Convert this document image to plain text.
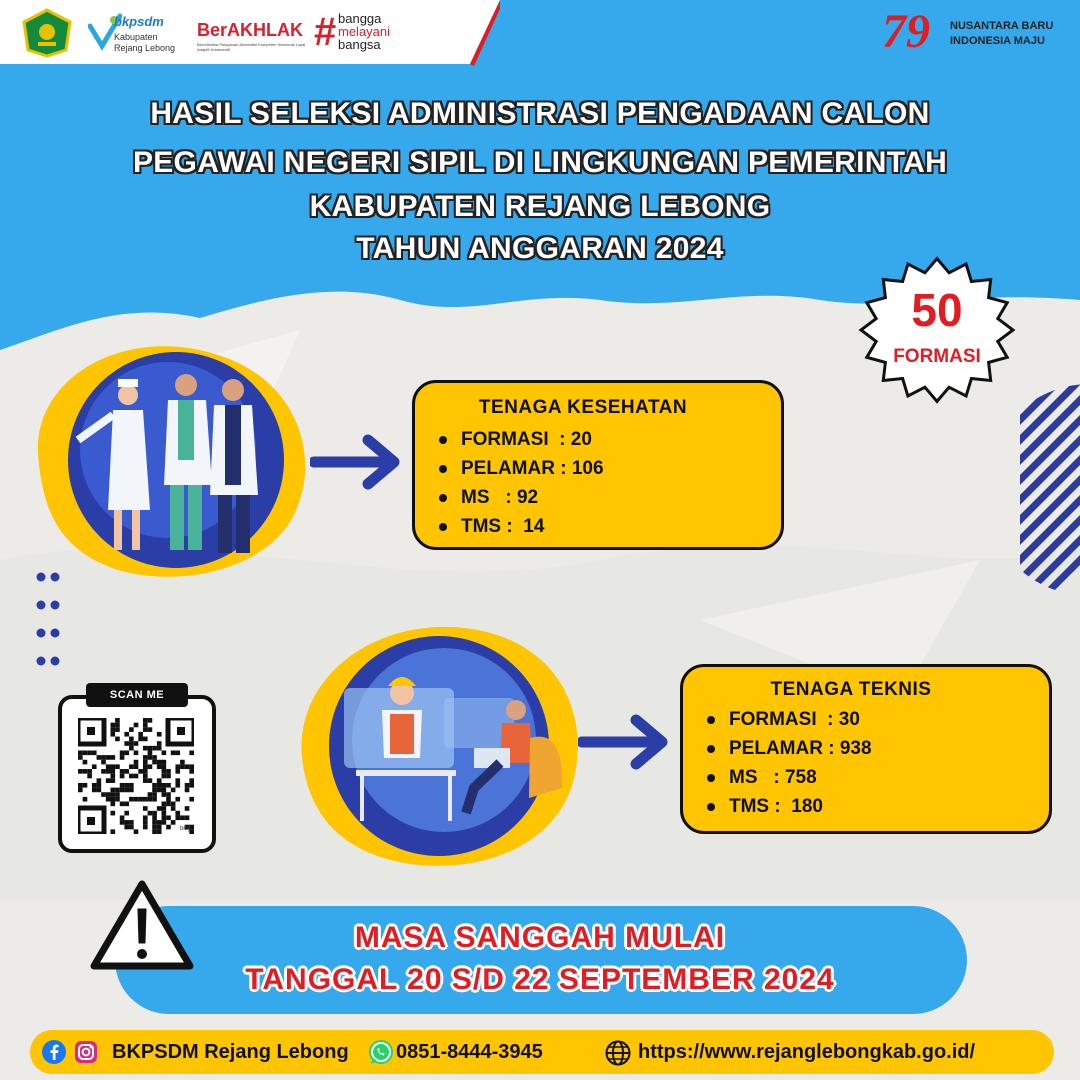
bkpsdm
Kabupaten
Rejang Lebong
BerAKHLAK
Berorientasi Pelayanan Akuntabel Kompeten Harmonis Loyal Adaptif Kolaboratif	# bangga
melayani
bangsa	79 NUSANTARA BARU
INDONESIA MAJU
HASIL SELEKSI ADMINISTRASI PENGADAAN CALON
PEGAWAI NEGERI SIPIL DI LINGKUNGAN PEMERINTAH
KABUPATEN REJANG LEBONG
TAHUN ANGGARAN 2024
50
FORMASI
TENAGA KESEHATAN
FORMASI  : 20
PELAMAR : 106
MS   : 92
TMS :  14
TENAGA TEKNIS
FORMASI  : 30
PELAMAR : 938
MS   : 758
TMS :  180
SCAN ME
bitly
MASA SANGGAH MULAI
TANGGAL 20 S/D 22 SEPTEMBER 2024
BKPSDM Rejang Lebong 0851-8444-3945	https://www.rejanglebongkab.go.id/
